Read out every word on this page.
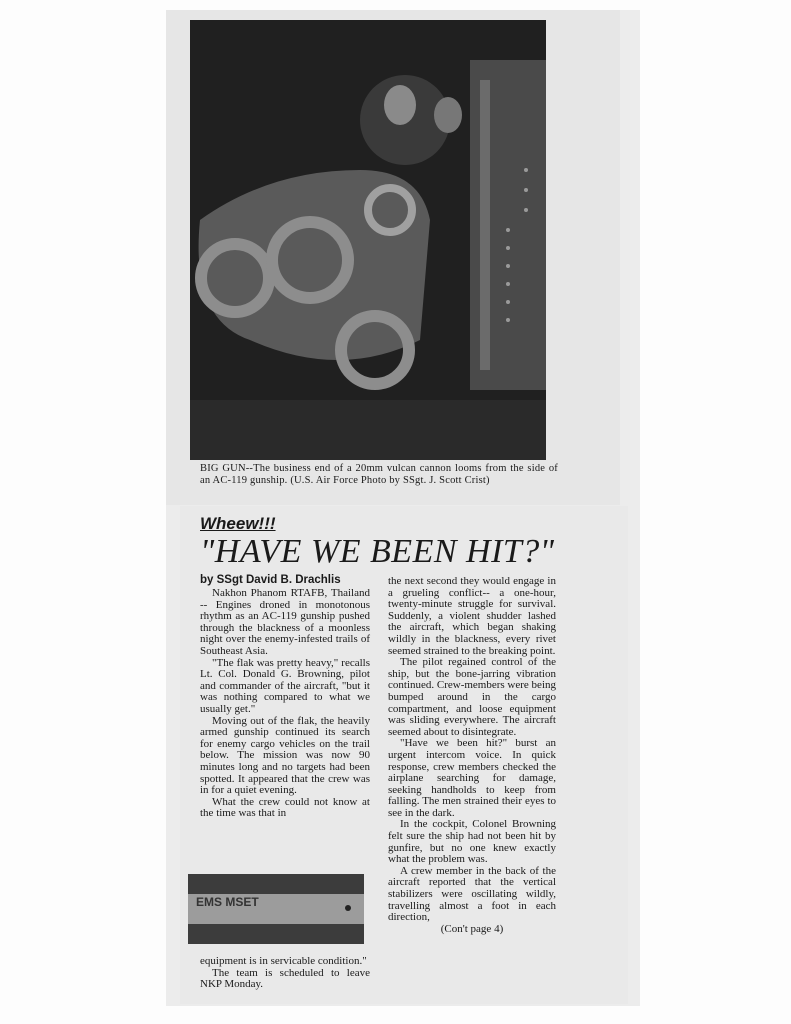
BIG GUN--The business end of a 20mm vulcan cannon looms from the side of an AC-119 gunship. (U.S. Air Force Photo by SSgt. J. Scott Crist)
Wheew!!!
"HAVE WE BEEN HIT?"
by SSgt David B. Drachlis

Nakhon Phanom RTAFB, Thailand -- Engines droned in monotonous rhythm as an AC-119 gunship pushed through the blackness of a moonless night over the enemy-infested trails of Southeast Asia.

"The flak was pretty heavy," recalls Lt. Col. Donald G. Browning, pilot and commander of the aircraft, "but it was nothing compared to what we usually get."

Moving out of the flak, the heavily armed gunship continued its search for enemy cargo vehicles on the trail below. The mission was now 90 minutes long and no targets had been spotted. It appeared that the crew was in for a quiet evening.

What the crew could not know at the time was that in

EMS MSET

the next second they would engage in a grueling conflict-- a one-hour, twenty-minute struggle for survival. Suddenly, a violent shudder lashed the aircraft, which began shaking wildly in the blackness, every rivet seemed strained to the breaking point.

The pilot regained control of the ship, but the bone-jarring vibration continued. Crew-members were being bumped around in the cargo compartment, and loose equipment was sliding everywhere. The aircraft seemed about to disintegrate.

"Have we been hit?" burst an urgent intercom voice. In quick response, crew members checked the airplane searching for damage, seeking handholds to keep from falling. The men strained their eyes to see in the dark.

In the cockpit, Colonel Browning felt sure the ship had not been hit by gunfire, but no one knew exactly what the problem was.

A crew member in the back of the aircraft reported that the vertical stabilizers were oscillating wildly, travelling almost a foot in each direction,

(Con't page 4)

equipment is in servicable condition."

The team is scheduled to leave NKP Monday.
